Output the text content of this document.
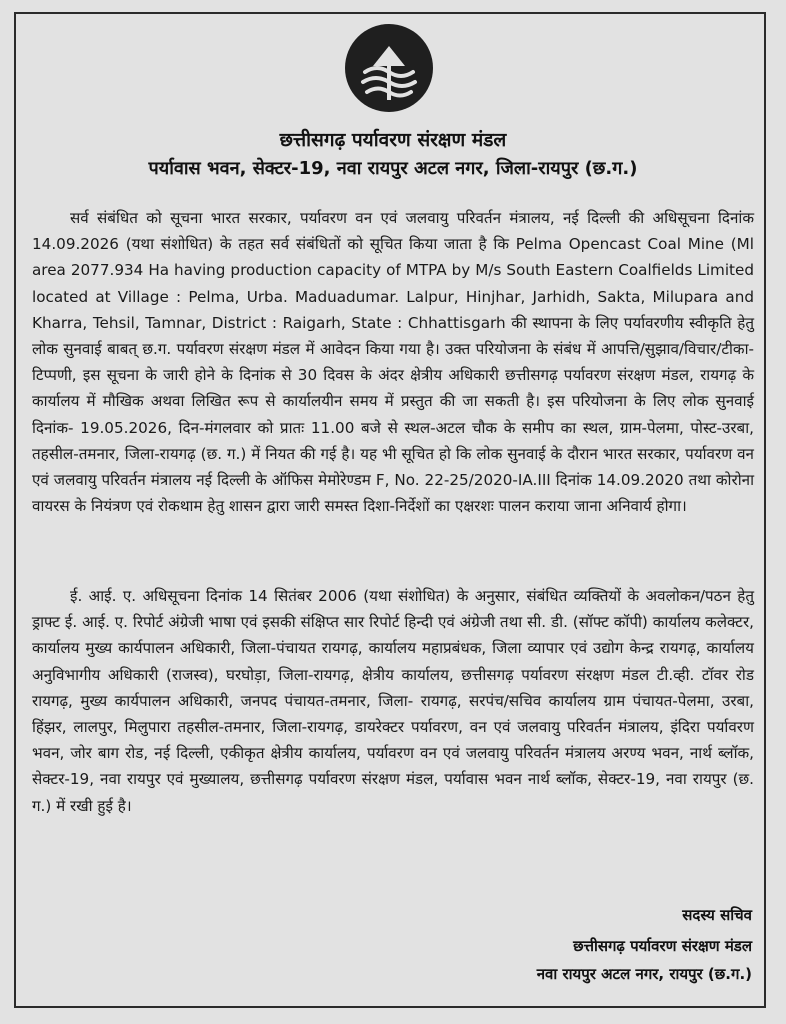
छत्तीसगढ़ पर्यावरण संरक्षण मंडल
पर्यावास भवन, सेक्टर-19, नवा रायपुर अटल नगर, जिला-रायपुर (छ.ग.)

सर्व संबंधित को सूचना भारत सरकार, पर्यावरण वन एवं जलवायु परिवर्तन मंत्रालय, नई दिल्ली की अधिसूचना दिनांक 14.09.2026 (यथा संशोधित) के तहत सर्व संबंधितों को सूचित किया जाता है कि Pelma Opencast Coal Mine (Ml area 2077.934 Ha having production capacity of MTPA by M/s South Eastern Coalfields Limited located at Village : Pelma, Urba. Maduadumar. Lalpur, Hinjhar, Jarhidh, Sakta, Milupara and Kharra, Tehsil, Tamnar, District : Raigarh, State : Chhattisgarh की स्थापना के लिए पर्यावरणीय स्वीकृति हेतु लोक सुनवाई बाबत् छ.ग. पर्यावरण संरक्षण मंडल में आवेदन किया गया है। उक्त परियोजना के संबंध में आपत्ति/सुझाव/विचार/टीका-टिप्पणी, इस सूचना के जारी होने के दिनांक से 30 दिवस के अंदर क्षेत्रीय अधिकारी छत्तीसगढ़ पर्यावरण संरक्षण मंडल, रायगढ़ के कार्यालय में मौखिक अथवा लिखित रूप से कार्यालयीन समय में प्रस्तुत की जा सकती है। इस परियोजना के लिए लोक सुनवाई दिनांक- 19.05.2026, दिन-मंगलवार को प्रातः 11.00 बजे से स्थल-अटल चौक के समीप का स्थल, ग्राम-पेलमा, पोस्ट-उरबा, तहसील-तमनार, जिला-रायगढ़ (छ. ग.) में नियत की गई है। यह भी सूचित हो कि लोक सुनवाई के दौरान भारत सरकार, पर्यावरण वन एवं जलवायु परिवर्तन मंत्रालय नई दिल्ली के ऑफिस मेमोरेण्डम F, No. 22-25/2020-IA.III दिनांक 14.09.2020 तथा कोरोना वायरस के नियंत्रण एवं रोकथाम हेतु शासन द्वारा जारी समस्त दिशा-निर्देशों का एक्षरशः पालन कराया जाना अनिवार्य होगा।

ई. आई. ए. अधिसूचना दिनांक 14 सितंबर 2006 (यथा संशोधित) के अनुसार, संबंधित व्यक्तियों के अवलोकन/पठन हेतु ड्राफ्ट ई. आई. ए. रिपोर्ट अंग्रेजी भाषा एवं इसकी संक्षिप्त सार रिपोर्ट हिन्दी एवं अंग्रेजी तथा सी. डी. (सॉफ्ट कॉपी) कार्यालय कलेक्टर, कार्यालय मुख्य कार्यपालन अधिकारी, जिला-पंचायत रायगढ़, कार्यालय महाप्रबंधक, जिला व्यापार एवं उद्योग केन्द्र रायगढ़, कार्यालय अनुविभागीय अधिकारी (राजस्व), घरघोड़ा, जिला-रायगढ़, क्षेत्रीय कार्यालय, छत्तीसगढ़ पर्यावरण संरक्षण मंडल टी.व्ही. टॉवर रोड रायगढ़, मुख्य कार्यपालन अधिकारी, जनपद पंचायत-तमनार, जिला- रायगढ़, सरपंच/सचिव कार्यालय ग्राम पंचायत-पेलमा, उरबा, हिंझर, लालपुर, मिलुपारा तहसील-तमनार, जिला-रायगढ़, डायरेक्टर पर्यावरण, वन एवं जलवायु परिवर्तन मंत्रालय, इंदिरा पर्यावरण भवन, जोर बाग रोड, नई दिल्ली, एकीकृत क्षेत्रीय कार्यालय, पर्यावरण वन एवं जलवायु परिवर्तन मंत्रालय अरण्य भवन, नार्थ ब्लॉक, सेक्टर-19, नवा रायपुर एवं मुख्यालय, छत्तीसगढ़ पर्यावरण संरक्षण मंडल, पर्यावास भवन नार्थ ब्लॉक, सेक्टर-19, नवा रायपुर (छ. ग.) में रखी हुई है।

सदस्य सचिव
छत्तीसगढ़ पर्यावरण संरक्षण मंडल
नवा रायपुर अटल नगर, रायपुर (छ.ग.)
